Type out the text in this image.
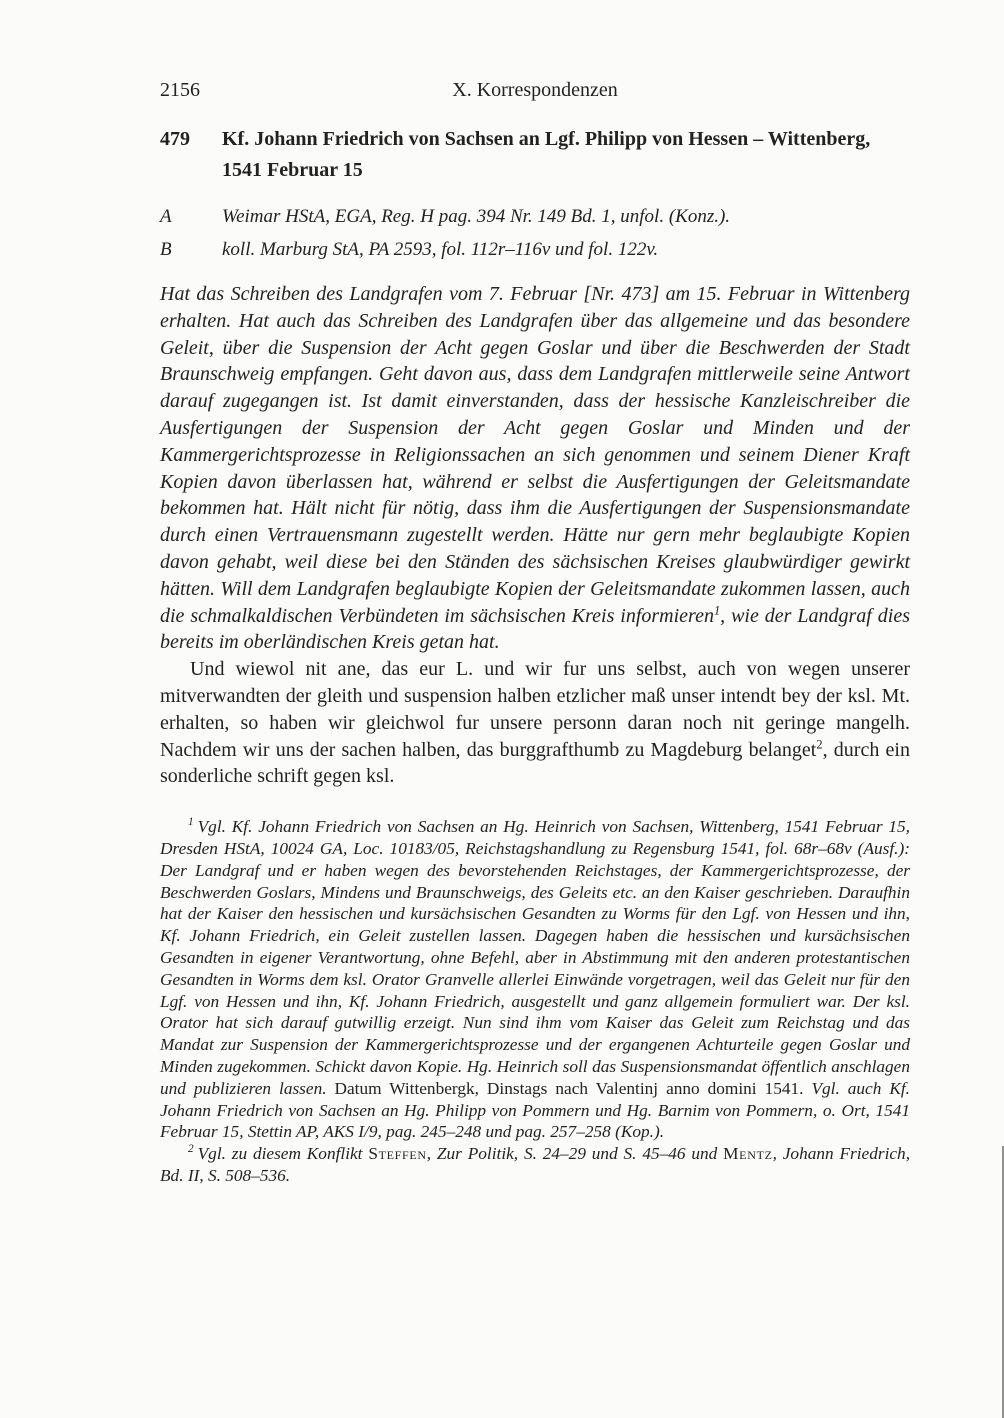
2156	X. Korrespondenzen
479	Kf. Johann Friedrich von Sachsen an Lgf. Philipp von Hessen – Wittenberg, 1541 Februar 15
A	Weimar HStA, EGA, Reg. H pag. 394 Nr. 149 Bd. 1, unfol. (Konz.).
B	koll. Marburg StA, PA 2593, fol. 112r–116v und fol. 122v.

Hat das Schreiben des Landgrafen vom 7. Februar [Nr. 473] am 15. Februar in Wittenberg erhalten. Hat auch das Schreiben des Landgrafen über das allgemeine und das besondere Geleit, über die Suspension der Acht gegen Goslar und über die Beschwerden der Stadt Braunschweig empfangen. Geht davon aus, dass dem Landgrafen mittlerweile seine Antwort darauf zugegangen ist. Ist damit einverstanden, dass der hessische Kanzleischreiber die Ausfertigungen der Suspension der Acht gegen Goslar und Minden und der Kammergerichtsprozesse in Religionssachen an sich genommen und seinem Diener Kraft Kopien davon überlassen hat, während er selbst die Ausfertigungen der Geleitsmandate bekommen hat. Hält nicht für nötig, dass ihm die Ausfertigungen der Suspensionsmandate durch einen Vertrauensmann zugestellt werden. Hätte nur gern mehr beglaubigte Kopien davon gehabt, weil diese bei den Ständen des sächsischen Kreises glaubwürdiger gewirkt hätten. Will dem Landgrafen beglaubigte Kopien der Geleitsmandate zukommen lassen, auch die schmalkaldischen Verbündeten im sächsischen Kreis informieren$^1$, wie der Landgraf dies bereits im oberländischen Kreis getan hat.

Und wiewol nit ane, das eur L. und wir fur uns selbst, auch von wegen unserer mitverwandten der gleith und suspension halben etzlicher maß unser intendt bey der ksl. Mt. erhalten, so haben wir gleichwol fur unsere personn daran noch nit geringe mangelh. Nachdem wir uns der sachen halben, das burggrafthumb zu Magdeburg belanget$^2$, durch ein sonderliche schrift gegen ksl.

$^1$ Vgl. Kf. Johann Friedrich von Sachsen an Hg. Heinrich von Sachsen, Wittenberg, 1541 Februar 15, Dresden HStA, 10024 GA, Loc. 10183/05, Reichstagshandlung zu Regensburg 1541, fol. 68r–68v (Ausf.): Der Landgraf und er haben wegen des bevorstehenden Reichstages, der Kammergerichtsprozesse, der Beschwerden Goslars, Mindens und Braunschweigs, des Geleits etc. an den Kaiser geschrieben. Daraufhin hat der Kaiser den hessischen und kursächsischen Gesandten zu Worms für den Lgf. von Hessen und ihn, Kf. Johann Friedrich, ein Geleit zustellen lassen. Dagegen haben die hessischen und kursächsischen Gesandten in eigener Verantwortung, ohne Befehl, aber in Abstimmung mit den anderen protestantischen Gesandten in Worms dem ksl. Orator Granvelle allerlei Einwände vorgetragen, weil das Geleit nur für den Lgf. von Hessen und ihn, Kf. Johann Friedrich, ausgestellt und ganz allgemein formuliert war. Der ksl. Orator hat sich darauf gutwillig erzeigt. Nun sind ihm vom Kaiser das Geleit zum Reichstag und das Mandat zur Suspension der Kammergerichtsprozesse und der ergangenen Achturteile gegen Goslar und Minden zugekommen. Schickt davon Kopie. Hg. Heinrich soll das Suspensionsmandat öffentlich anschlagen und publizieren lassen. Datum Wittenbergk, Dinstags nach Valentinj anno domini 1541. Vgl. auch Kf. Johann Friedrich von Sachsen an Hg. Philipp von Pommern und Hg. Barnim von Pommern, o. Ort, 1541 Februar 15, Stettin AP, AKS I/9, pag. 245–248 und pag. 257–258 (Kop.).

$^2$ Vgl. zu diesem Konflikt Steffen, Zur Politik, S. 24–29 und S. 45–46 und Mentz, Johann Friedrich, Bd. II, S. 508–536.
